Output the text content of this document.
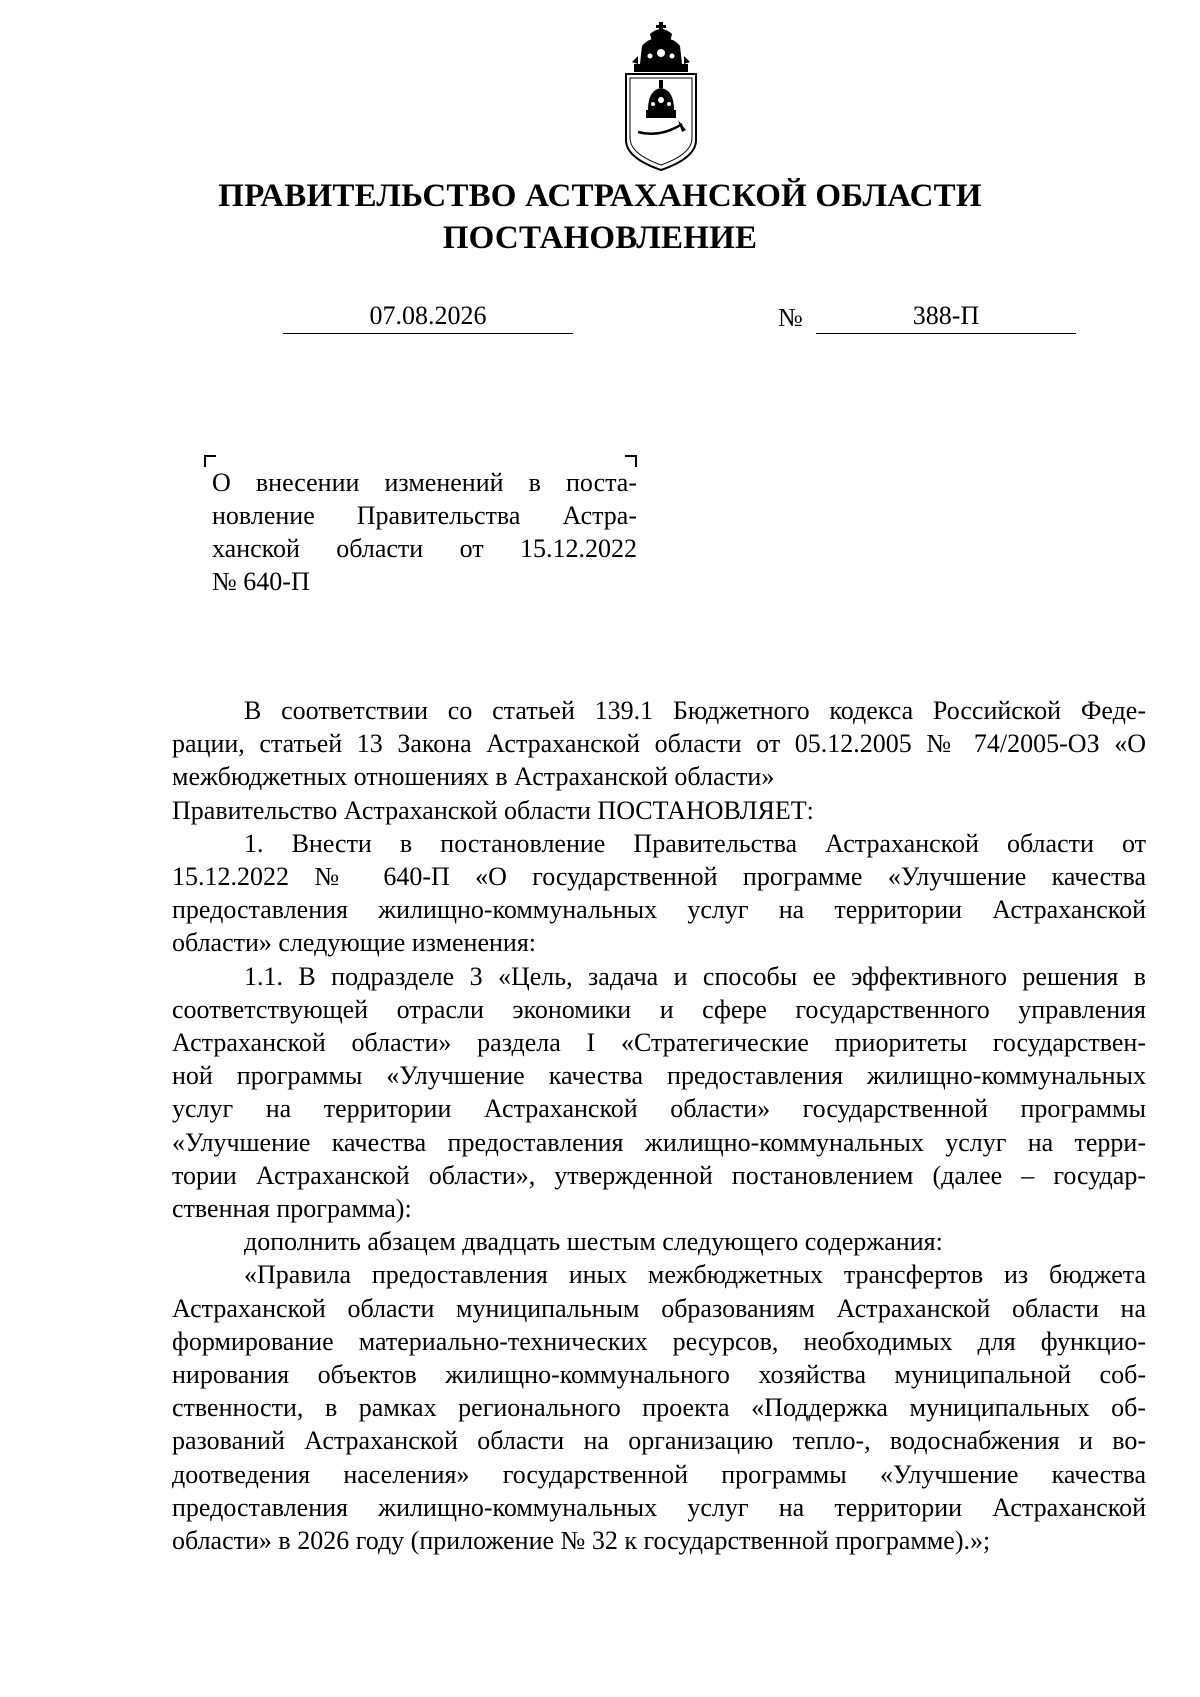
ПРАВИТЕЛЬСТВО АСТРАХАНСКОЙ ОБЛАСТИ
ПОСТАНОВЛЕНИЕ
07.08.2026	№	388-П
О внесении изменений в поста-
новление Правительства Астра-
ханской области от 15.12.2022
№ 640-П
В соответствии со статьей 139.1 Бюджетного кодекса Российской Феде-
рации, статьей 13 Закона Астраханской области от 05.12.2005 № 74/2005-ОЗ «О
межбюджетных отношениях в Астраханской области»
Правительство Астраханской области ПОСТАНОВЛЯЕТ:
1. Внести в постановление Правительства Астраханской области от
15.12.2022 № 640-П «О государственной программе «Улучшение качества
предоставления жилищно-коммунальных услуг на территории Астраханской
области» следующие изменения:
1.1. В подразделе 3 «Цель, задача и способы ее эффективного решения в
соответствующей отрасли экономики и сфере государственного управления
Астраханской области» раздела I «Стратегические приоритеты государствен-
ной программы «Улучшение качества предоставления жилищно-коммунальных
услуг на территории Астраханской области» государственной программы
«Улучшение качества предоставления жилищно-коммунальных услуг на терри-
тории Астраханской области», утвержденной постановлением (далее – государ-
ственная программа):
дополнить абзацем двадцать шестым следующего содержания:
«Правила предоставления иных межбюджетных трансфертов из бюджета
Астраханской области муниципальным образованиям Астраханской области на
формирование материально-технических ресурсов, необходимых для функцио-
нирования объектов жилищно-коммунального хозяйства муниципальной соб-
ственности, в рамках регионального проекта «Поддержка муниципальных об-
разований Астраханской области на организацию тепло-, водоснабжения и во-
доотведения населения» государственной программы «Улучшение качества
предоставления жилищно-коммунальных услуг на территории Астраханской
области» в 2026 году (приложение № 32 к государственной программе).»;
